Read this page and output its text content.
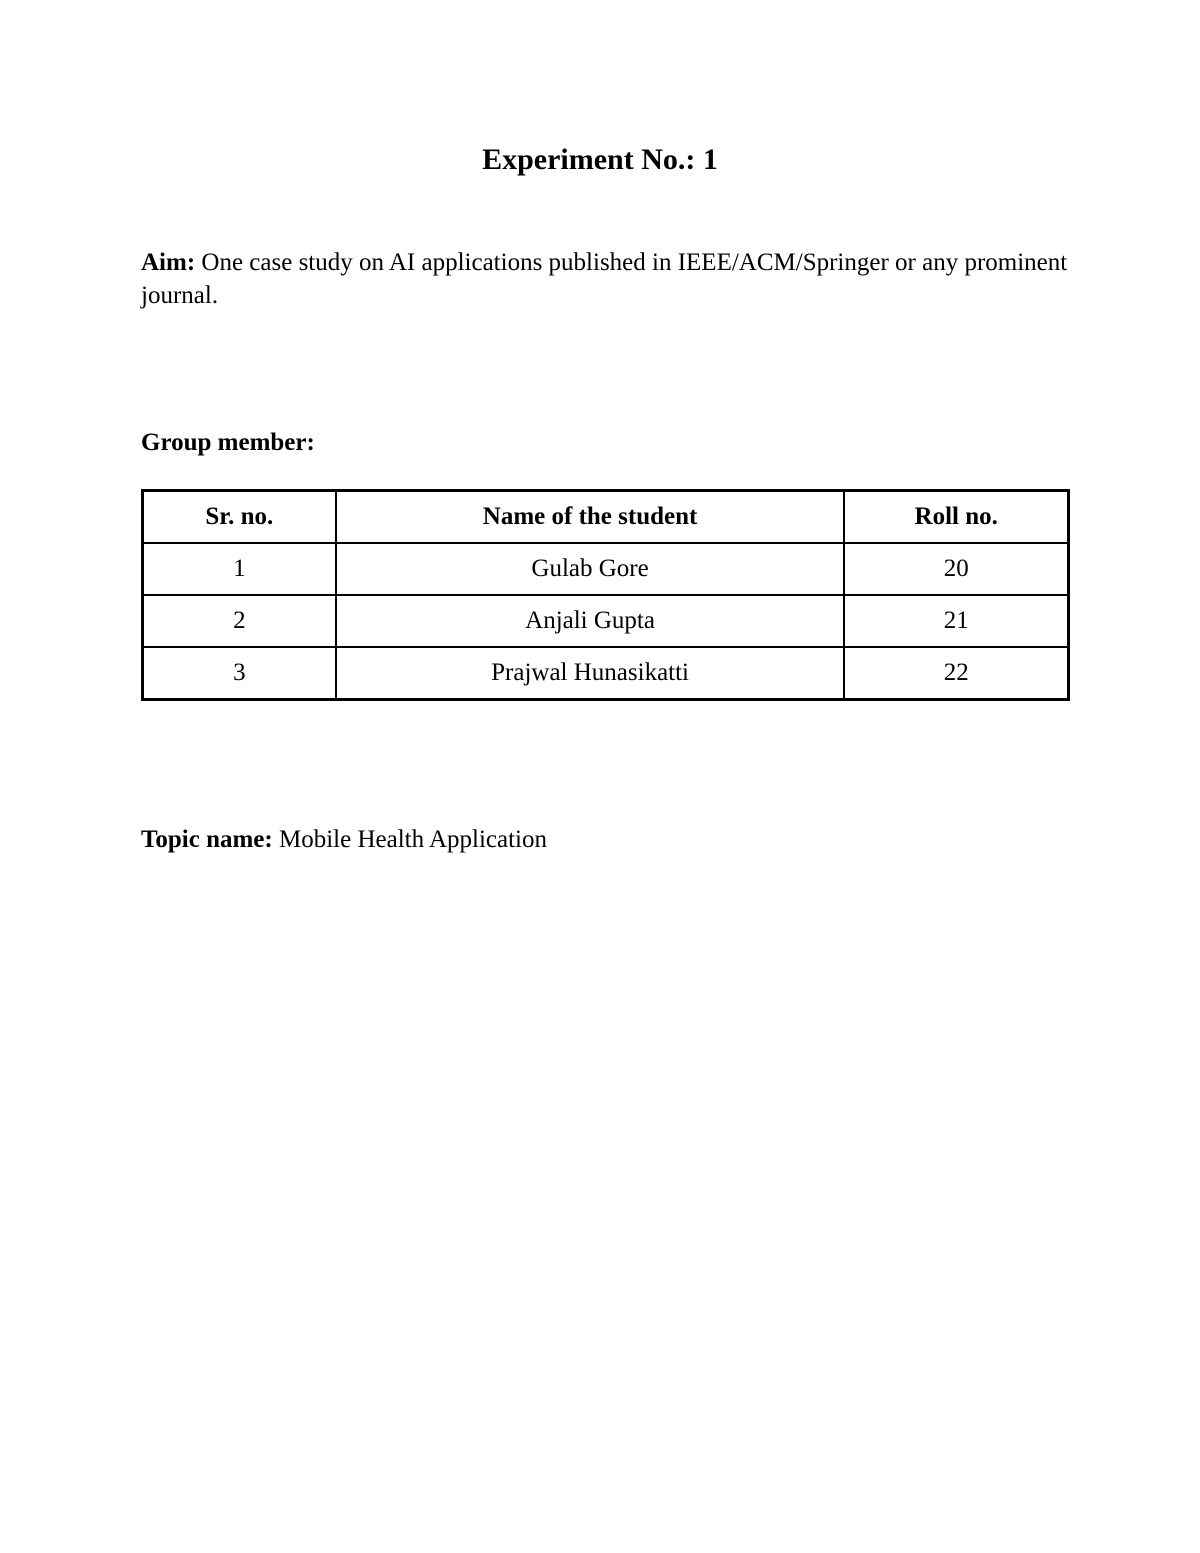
Experiment No.: 1

Aim: One case study on AI applications published in IEEE/ACM/Springer or any prominent journal.

Group member:

Sr. no.	Name of the student	Roll no.
1	Gulab Gore	20
2	Anjali Gupta	21
3	Prajwal Hunasikatti	22

Topic name: Mobile Health Application
